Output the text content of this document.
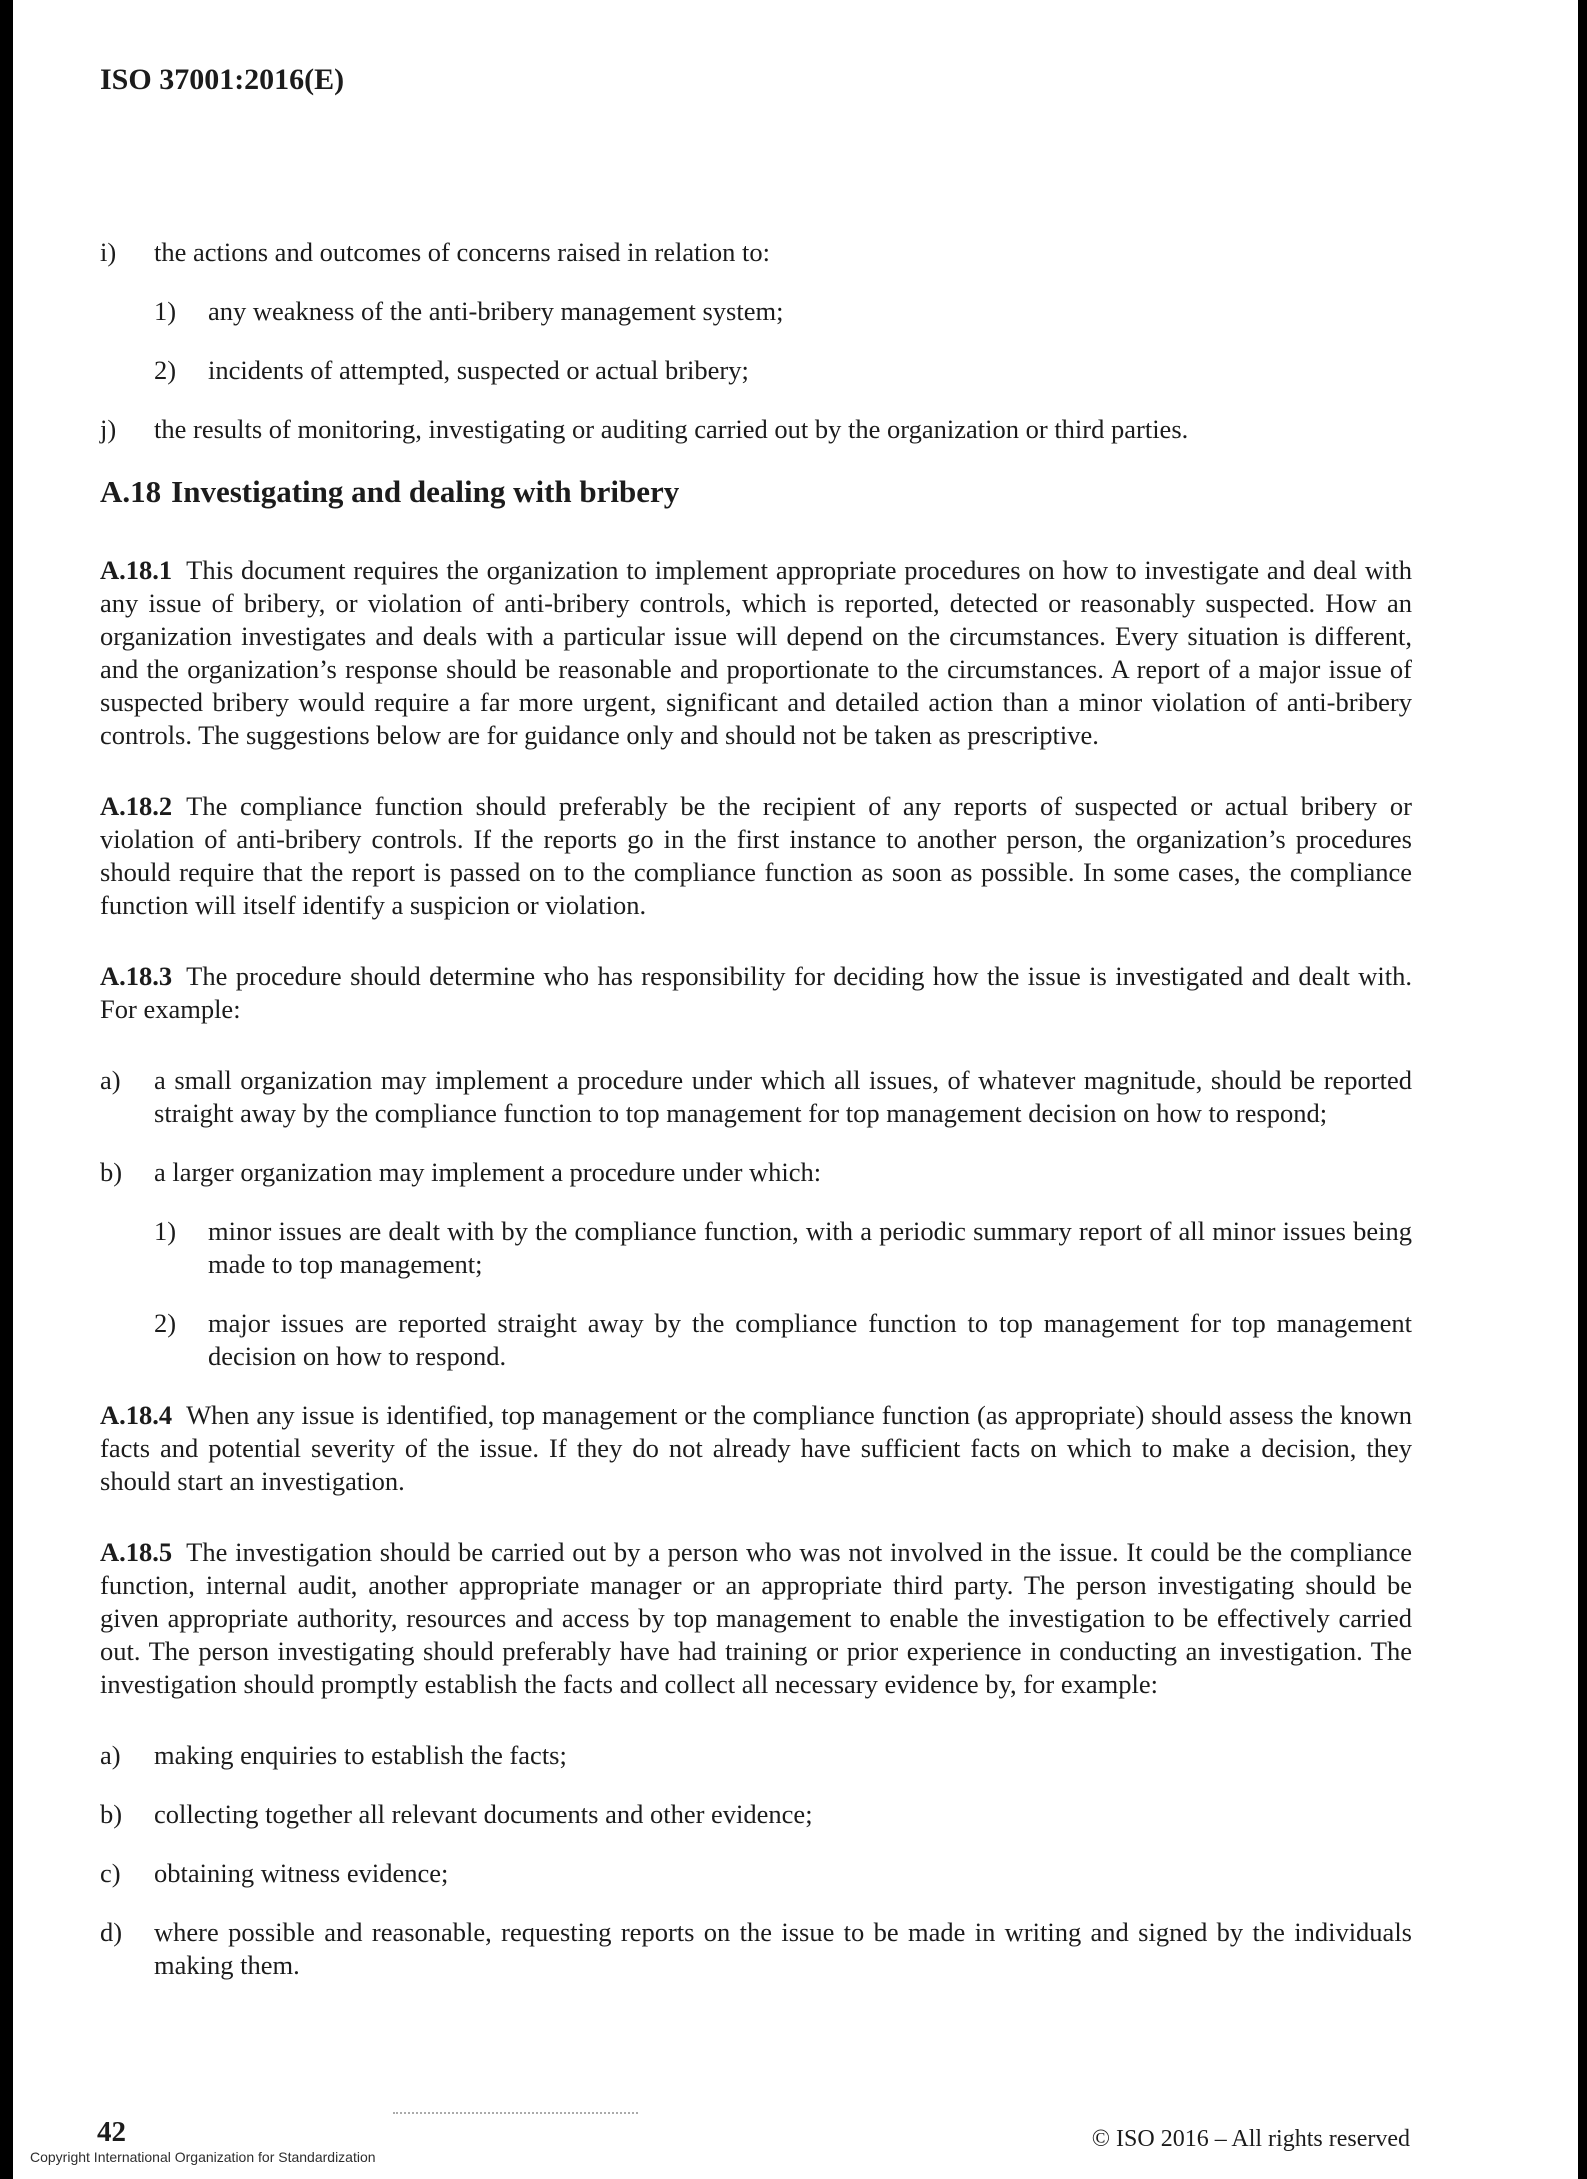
ISO 37001:2016(E)
i)	the actions and outcomes of concerns raised in relation to:
1)	any weakness of the anti-bribery management system;
2)	incidents of attempted, suspected or actual bribery;
j)	the results of monitoring, investigating or auditing carried out by the organization or third parties.
A.18 Investigating and dealing with bribery

A.18.1 This document requires the organization to implement appropriate procedures on how to investigate and deal with any issue of bribery, or violation of anti-bribery controls, which is reported, detected or reasonably suspected. How an organization investigates and deals with a particular issue will depend on the circumstances. Every situation is different, and the organization’s response should be reasonable and proportionate to the circumstances. A report of a major issue of suspected bribery would require a far more urgent, significant and detailed action than a minor violation of anti-bribery controls. The suggestions below are for guidance only and should not be taken as prescriptive.

A.18.2 The compliance function should preferably be the recipient of any reports of suspected or actual bribery or violation of anti-bribery controls. If the reports go in the first instance to another person, the organization’s procedures should require that the report is passed on to the compliance function as soon as possible. In some cases, the compliance function will itself identify a suspicion or violation.

A.18.3 The procedure should determine who has responsibility for deciding how the issue is investigated and dealt with. For example:

a)	a small organization may implement a procedure under which all issues, of whatever magnitude, should be reported straight away by the compliance function to top management for top management decision on how to respond;
b)	a larger organization may implement a procedure under which:
1)	minor issues are dealt with by the compliance function, with a periodic summary report of all minor issues being made to top management;
2)	major issues are reported straight away by the compliance function to top management for top management decision on how to respond.

A.18.4 When any issue is identified, top management or the compliance function (as appropriate) should assess the known facts and potential severity of the issue. If they do not already have sufficient facts on which to make a decision, they should start an investigation.

A.18.5 The investigation should be carried out by a person who was not involved in the issue. It could be the compliance function, internal audit, another appropriate manager or an appropriate third party. The person investigating should be given appropriate authority, resources and access by top management to enable the investigation to be effectively carried out. The person investigating should preferably have had training or prior experience in conducting an investigation. The investigation should promptly establish the facts and collect all necessary evidence by, for example:

a)	making enquiries to establish the facts;
b)	collecting together all relevant documents and other evidence;
c)	obtaining witness evidence;
d)	where possible and reasonable, requesting reports on the issue to be made in writing and signed by the individuals making them.
42
Copyright International Organization for Standardization
© ISO 2016 – All rights reserved
